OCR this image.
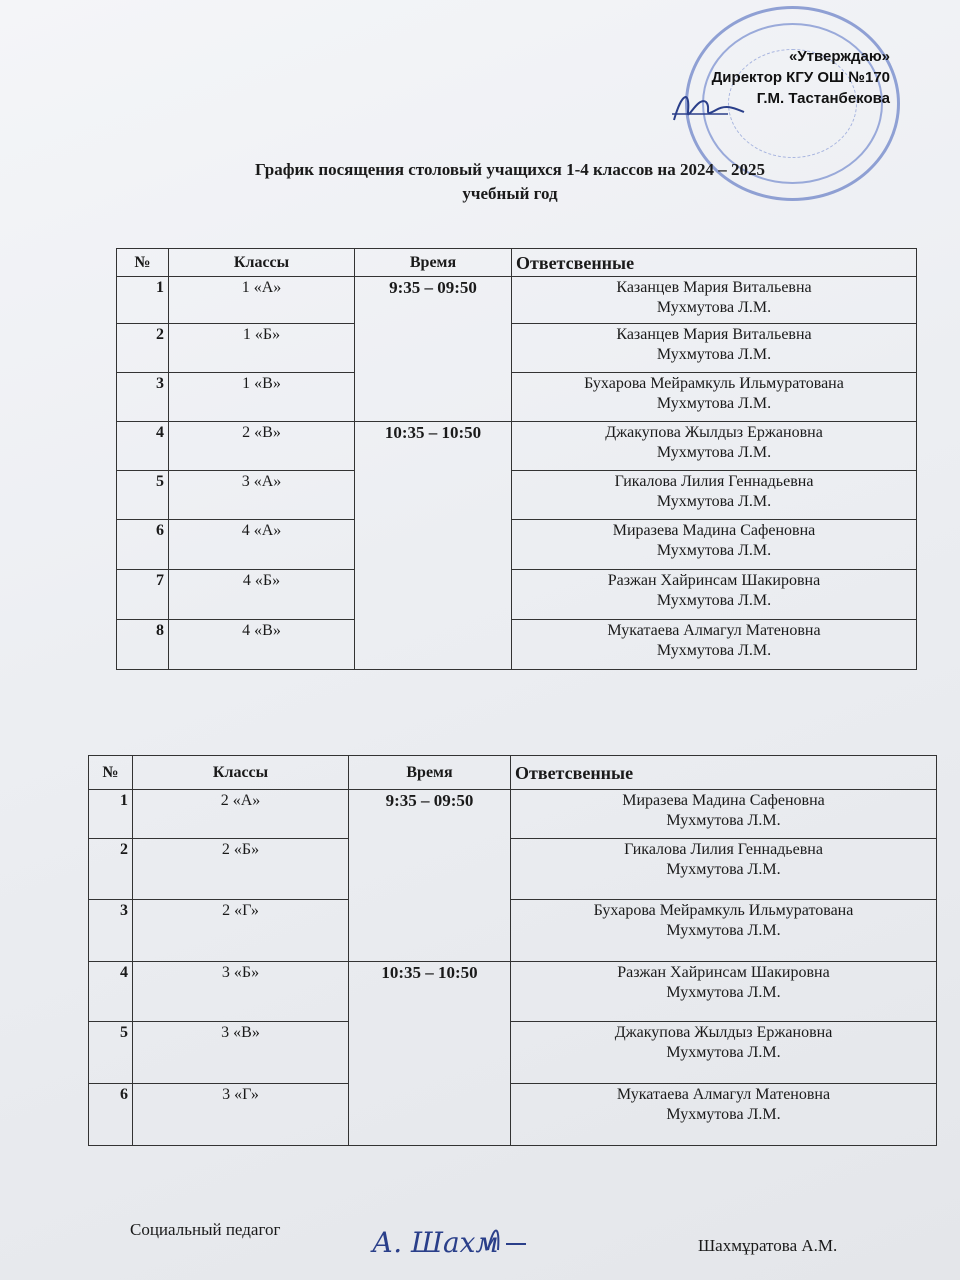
«Утверждаю»
Директор КГУ ОШ №170
Г.М. Тастанбекова
График посящения столовый учащихся 1-4 классов на 2024 – 2025
учебный год
№	Классы	Время	Ответсвенные
1	1 «А»	9:35 – 09:50	Казанцев Мария Витальевна
Мухмутова Л.М.

2	1 «Б»		Казанцев Мария Витальевна
Мухмутова Л.М.

3	1 «В»		Бухарова Мейрамкуль Ильмуратована
Мухмутова Л.М.

4	2 «В»	10:35 – 10:50	Джакупова Жылдыз Ержановна
Мухмутова Л.М.

5	3 «А»		Гикалова Лилия Геннадьевна
Мухмутова Л.М.

6	4 «А»		Миразева Мадина Сафеновна
Мухмутова Л.М.

7	4 «Б»		Разжан Хайринсам Шакировна
Мухмутова Л.М.

8	4 «В»		Мукатаева Алмагул Матеновна
Мухмутова Л.М.
№	Классы	Время	Ответсвенные
1	2 «А»	9:35 – 09:50	Миразева Мадина Сафеновна
Мухмутова Л.М.

2	2 «Б»		Гикалова Лилия Геннадьевна
Мухмутова Л.М.

3	2 «Г»		Бухарова Мейрамкуль Ильмуратована
Мухмутова Л.М.

4	3 «Б»	10:35 – 10:50	Разжан Хайринсам Шакировна
Мухмутова Л.М.

5	3 «В»		Джакупова Жылдыз Ержановна
Мухмутова Л.М.

6	3 «Г»		Мукатаева Алмагул Матеновна
Мухмутова Л.М.
Социальный педагог	А. Шахм	Шахмұратова А.М.
